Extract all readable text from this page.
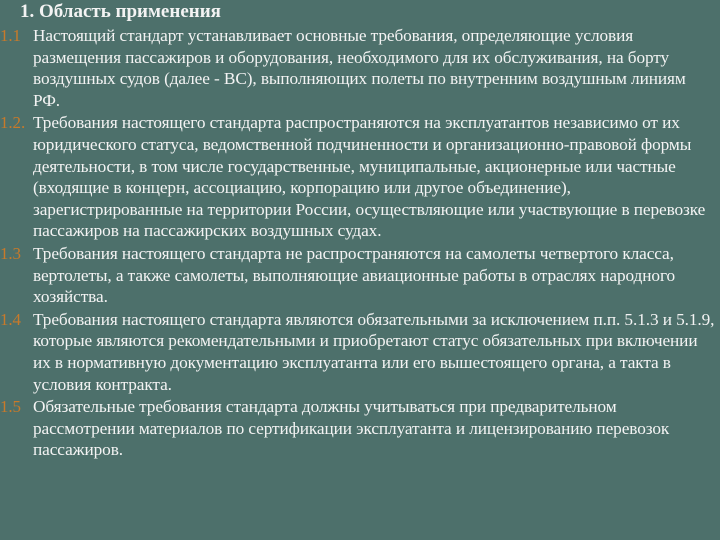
1. Область применения
1.1 Настоящий стандарт устанавливает основные требования, определяющие условия размещения пассажиров и оборудования, необходимого для их обслуживания, на борту воздушных судов (далее - ВС), выполняющих полеты по внутренним воздушным линиям РФ.
1.2. Требования настоящего стандарта распространяются на эксплуатантов независимо от их юридического статуса, ведомственной подчиненности и организационно-правовой формы деятельности, в том числе государственные, муниципальные, акционерные или частные (входящие в концерн, ассоциацию, корпорацию или другое объединение), зарегистрированные на территории России, осуществляющие или участвующие в перевозке пассажиров на пассажирских воздушных судах.
1.3 Требования настоящего стандарта не распространяются на самолеты четвертого класса, вертолеты, а также самолеты, выполняющие авиационные работы в отраслях народного хозяйства.
1.4 Требования настоящего стандарта являются обязательными за исключением п.п. 5.1.3 и 5.1.9, которые являются рекомендательными и приобретают статус обязательных при включении их в нормативную документацию эксплуатанта или его вышестоящего органа, а такта в условия контракта.
1.5 Обязательные требования стандарта должны учитываться при предварительном рассмотрении материалов по сертификации эксплуатанта и лицензированию перевозок пассажиров.
